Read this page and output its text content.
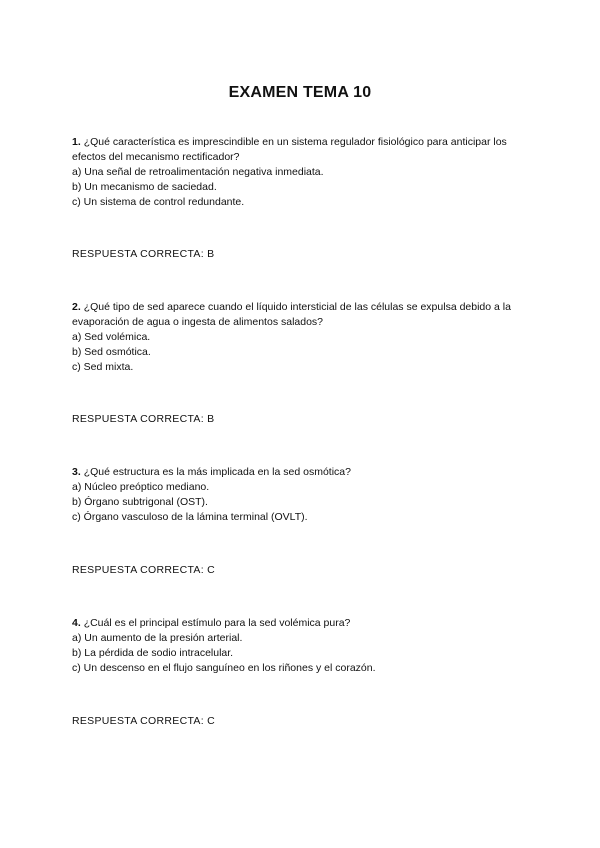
EXAMEN TEMA 10

1. ¿Qué característica es imprescindible en un sistema regulador fisiológico para anticipar los efectos del mecanismo rectificador?

a) Una señal de retroalimentación negativa inmediata.

b) Un mecanismo de saciedad.

c) Un sistema de control redundante.

RESPUESTA CORRECTA: B

2. ¿Qué tipo de sed aparece cuando el líquido intersticial de las células se expulsa debido a la evaporación de agua o ingesta de alimentos salados?

a) Sed volémica.

b) Sed osmótica.

c) Sed mixta.

RESPUESTA CORRECTA: B

3. ¿Qué estructura es la más implicada en la sed osmótica?

a) Núcleo preóptico mediano.

b) Órgano subtrigonal (OST).

c) Órgano vasculoso de la lámina terminal (OVLT).

RESPUESTA CORRECTA: C

4. ¿Cuál es el principal estímulo para la sed volémica pura?

a) Un aumento de la presión arterial.

b) La pérdida de sodio intracelular.

c) Un descenso en el flujo sanguíneo en los riñones y el corazón.

RESPUESTA CORRECTA: C
